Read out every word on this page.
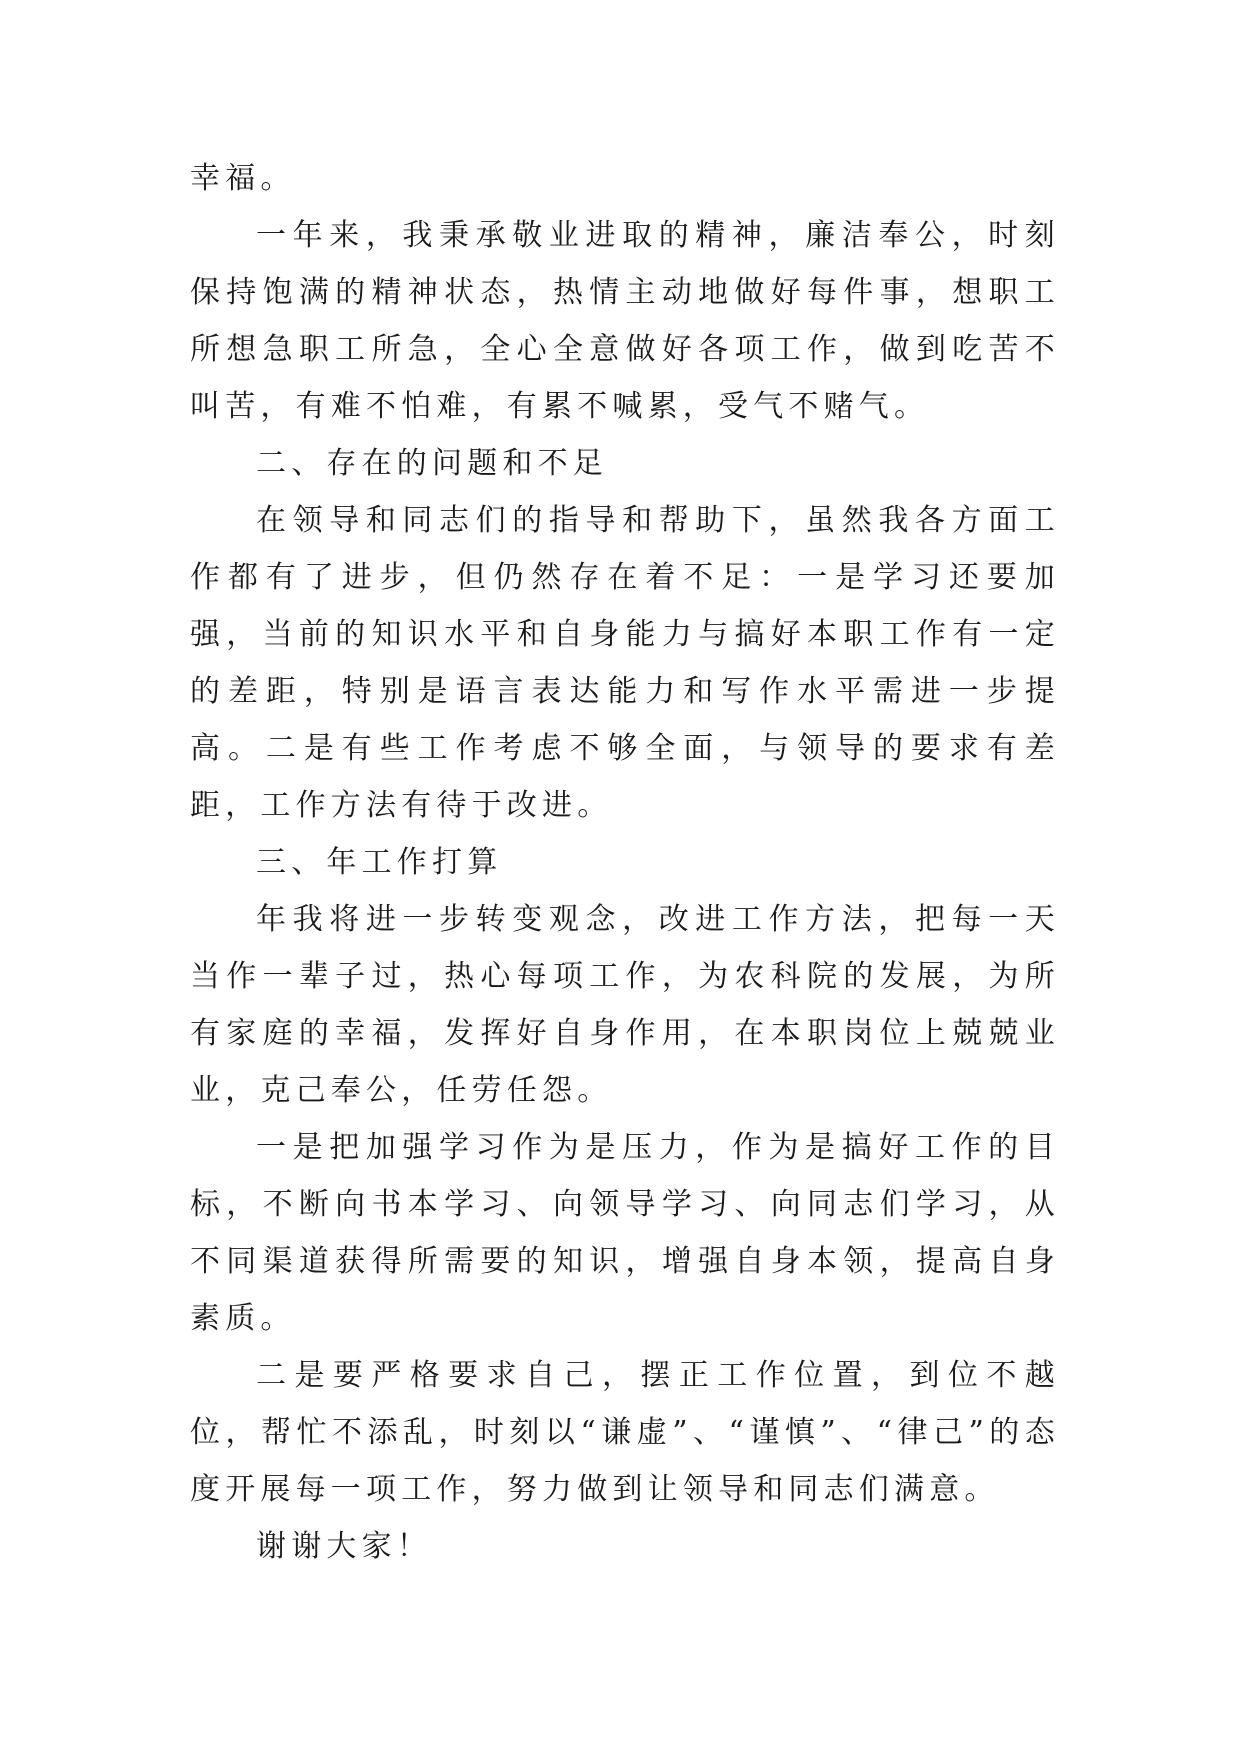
幸福。

一年来，我秉承敬业进取的精神，廉洁奉公，时刻保持饱满的精神状态，热情主动地做好每件事，想职工所想急职工所急，全心全意做好各项工作，做到吃苦不叫苦，有难不怕难，有累不喊累，受气不赌气。

二、存在的问题和不足

在领导和同志们的指导和帮助下，虽然我各方面工作都有了进步，但仍然存在着不足：一是学习还要加强，当前的知识水平和自身能力与搞好本职工作有一定的差距，特别是语言表达能力和写作水平需进一步提高。二是有些工作考虑不够全面，与领导的要求有差距，工作方法有待于改进。

三、年工作打算

年我将进一步转变观念，改进工作方法，把每一天当作一辈子过，热心每项工作，为农科院的发展，为所有家庭的幸福，发挥好自身作用，在本职岗位上兢兢业业，克己奉公，任劳任怨。

一是把加强学习作为是压力，作为是搞好工作的目标，不断向书本学习、向领导学习、向同志们学习，从不同渠道获得所需要的知识，增强自身本领，提高自身素质。

二是要严格要求自己，摆正工作位置，到位不越位，帮忙不添乱，时刻以“谦虚”、“谨慎”、“律己”的态度开展每一项工作，努力做到让领导和同志们满意。

谢谢大家！
